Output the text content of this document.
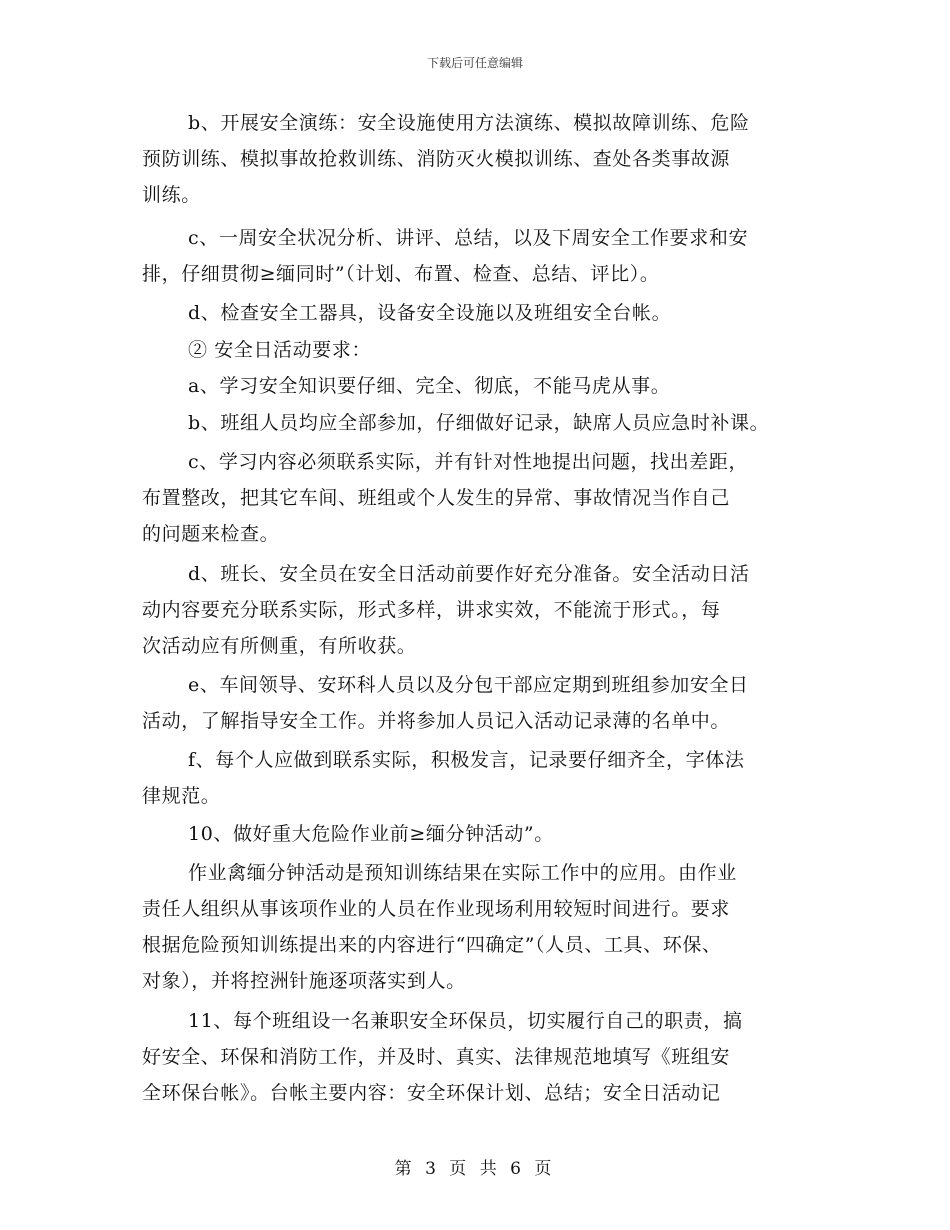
下载后可任意编辑
b、开展安全演练：安全设施使用方法演练、模拟故障训练、危险
预防训练、模拟事故抢救训练、消防灭火模拟训练、查处各类事故源
训练。
c、一周安全状况分析、讲评、总结，以及下周安全工作要求和安
排，仔细贯彻≥缅同时”（计划、布置、检查、总结、评比）。
d、检查安全工器具，设备安全设施以及班组安全台帐。
② 安全日活动要求：
a、学习安全知识要仔细、完全、彻底，不能马虎从事。
b、班组人员均应全部参加，仔细做好记录，缺席人员应急时补课。
c、学习内容必须联系实际，并有针对性地提出问题，找出差距，
布置整改，把其它车间、班组或个人发生的异常、事故情况当作自己
的问题来检查。
d、班长、安全员在安全日活动前要作好充分准备。安全活动日活
动内容要充分联系实际，形式多样，讲求实效，不能流于形式。，每
次活动应有所侧重，有所收获。
e、车间领导、安环科人员以及分包干部应定期到班组参加安全日
活动，了解指导安全工作。并将参加人员记入活动记录薄的名单中。
f、每个人应做到联系实际，积极发言，记录要仔细齐全，字体法
律规范。
10、做好重大危险作业前≥缅分钟活动”。
作业禽缅分钟活动是预知训练结果在实际工作中的应用。由作业
责任人组织从事该项作业的人员在作业现场利用较短时间进行。要求
根据危险预知训练提出来的内容进行“四确定”（人员、工具、环保、
对象），并将控洲针施逐项落实到人。
11、每个班组设一名兼职安全环保员，切实履行自己的职责，搞
好安全、环保和消防工作，并及时、真实、法律规范地填写《班组安
全环保台帐》。台帐主要内容：安全环保计划、总结；安全日活动记
第 3 页 共 6 页
